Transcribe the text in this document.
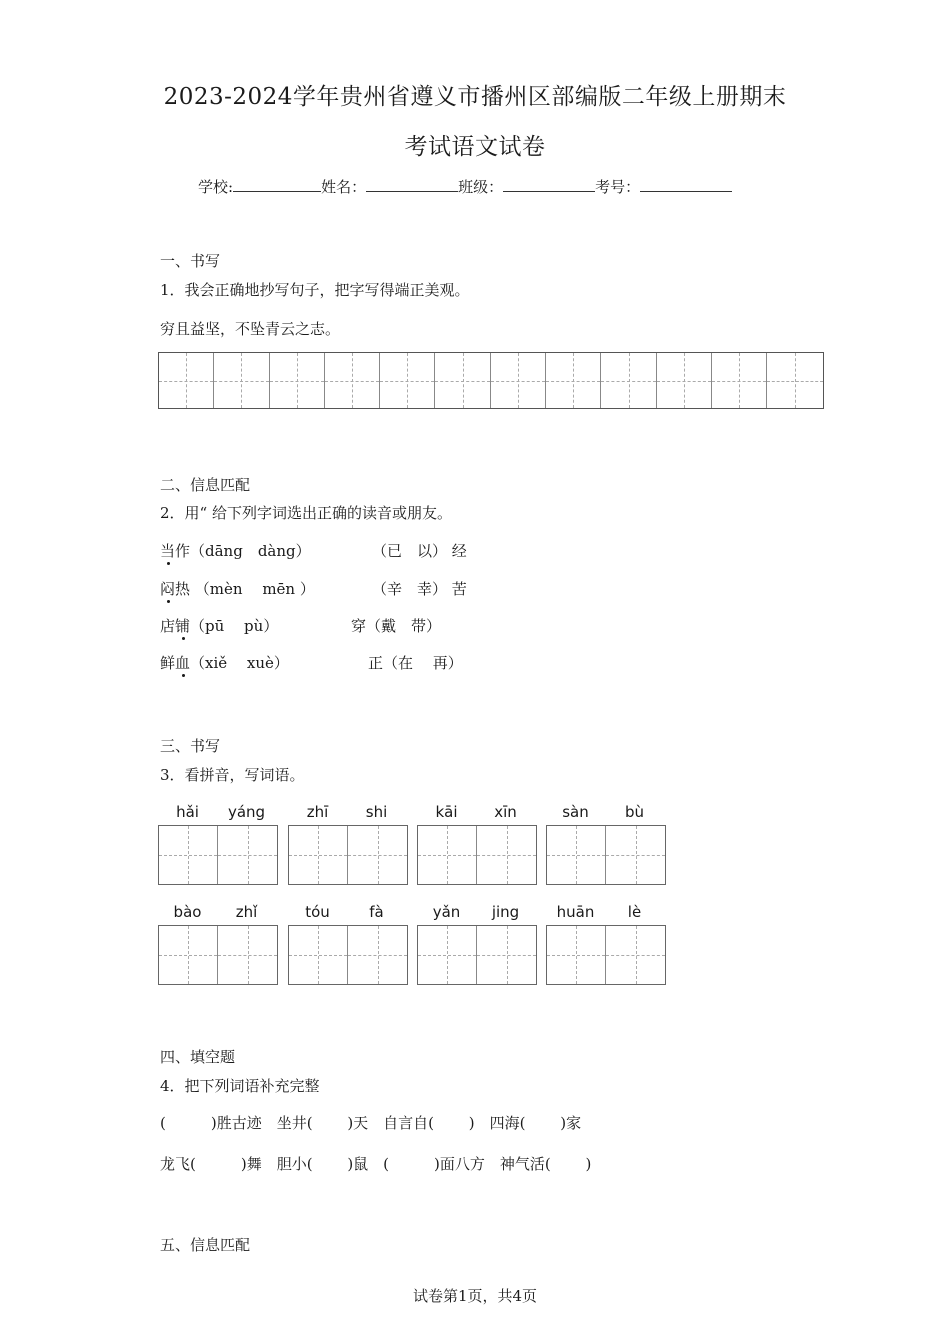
2023-2024学年贵州省遵义市播州区部编版二年级上册期末
考试语文试卷
学校:	姓名：	班级：	考号：
一、书写
1．我会正确地抄写句子，把字写得端正美观。
穷且益坚，不坠青云之志。
二、信息匹配
2．用“ 给下列字词选出正确的读音或朋友。
当作（dāng　dàng）	（已　以） 经
闷热 （mèn　 mēn ）	（辛　幸） 苦
店铺（pū　 pù）	穿（戴　带）
鲜血（xiě　 xuè）	正（在　 再）
三、书写
3．看拼音，写词语。
hǎi	yáng	zhī	shi	kāi	xīn	sàn	bù
bào	zhǐ	tóu	fà	yǎn	jing	huān	lè
四、填空题
4．把下列词语补充完整
(　　　)胜古迹　坐井(　　 )天　自言自(　　 )　四海(　　 )家
龙飞(　　　)舞　胆小(　　 )鼠　(　　　)面八方　神气活(　　 )
五、信息匹配
试卷第1页，共4页
